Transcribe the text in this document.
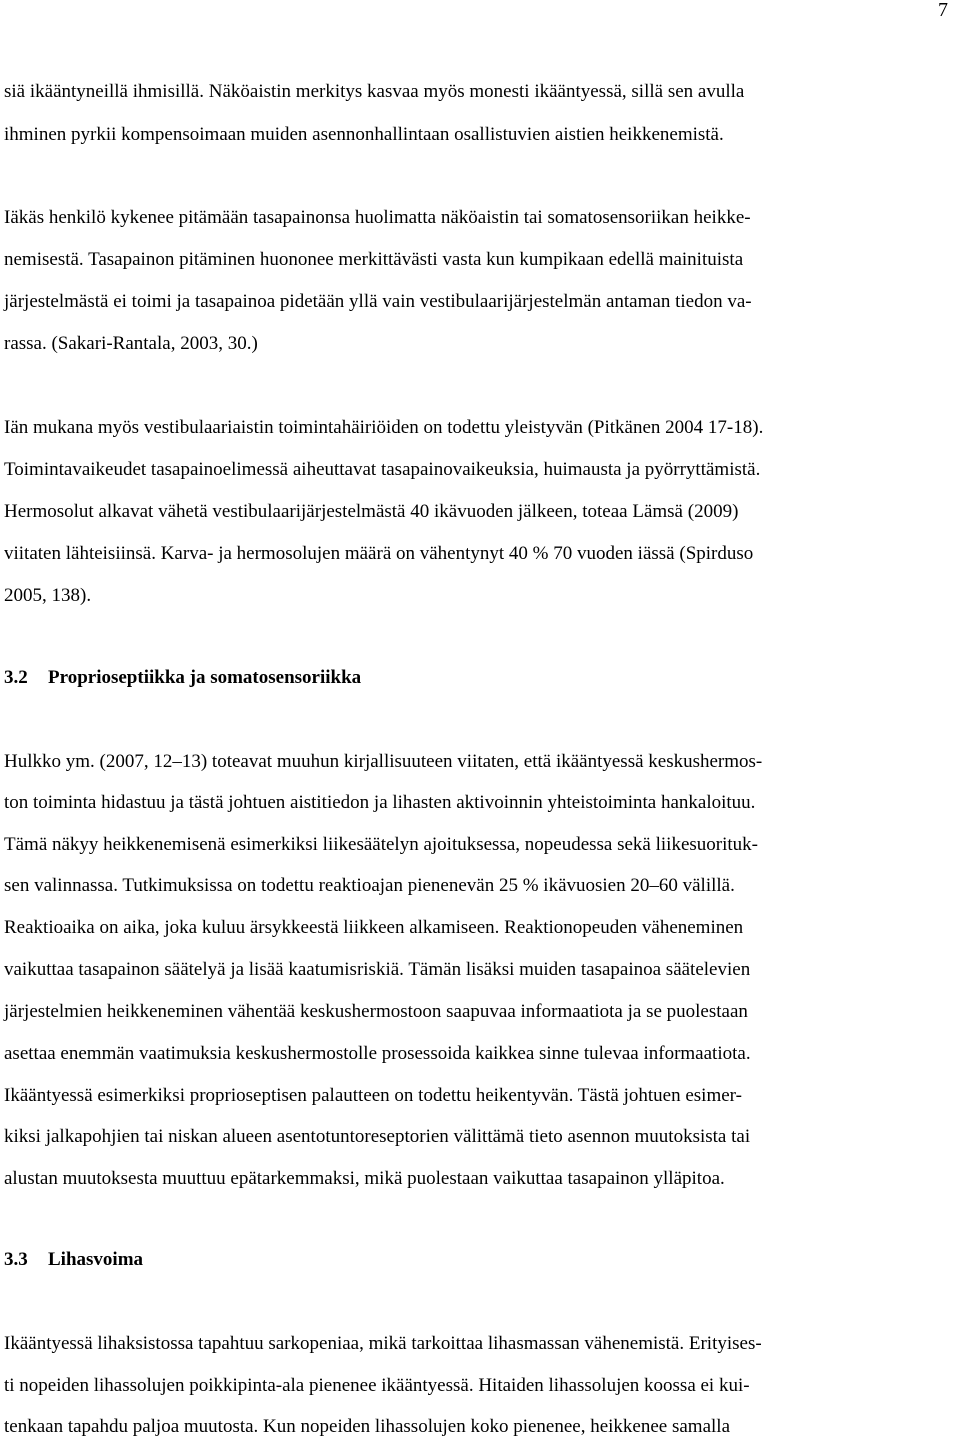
7
siä ikääntyneillä ihmisillä. Näköaistin merkitys kasvaa myös monesti ikääntyessä, sillä sen avulla
ihminen pyrkii kompensoimaan muiden asennonhallintaan osallistuvien aistien heikkenemistä.
Iäkäs henkilö kykenee pitämään tasapainonsa huolimatta näköaistin tai somatosensoriikan heikke-
nemisestä. Tasapainon pitäminen huononee merkittävästi vasta kun kumpikaan edellä mainituista
järjestelmästä ei toimi ja tasapainoa pidetään yllä vain vestibulaarijärjestelmän antaman tiedon va-
rassa. (Sakari-Rantala, 2003, 30.)
Iän mukana myös vestibulaariaistin toimintahäiriöiden on todettu yleistyvän (Pitkänen 2004 17-18).
Toimintavaikeudet tasapainoelimessä aiheuttavat tasapainovaikeuksia, huimausta ja pyörryttämistä.
Hermosolut alkavat vähetä vestibulaarijärjestelmästä 40 ikävuoden jälkeen, toteaa Lämsä (2009)
viitaten lähteisiinsä. Karva- ja hermosolujen määrä on vähentynyt 40 % 70 vuoden iässä (Spirduso
2005, 138).
3.2 Proprioseptiikka ja somatosensoriikka
Hulkko ym. (2007, 12–13) toteavat muuhun kirjallisuuteen viitaten, että ikääntyessä keskushermos-
ton toiminta hidastuu ja tästä johtuen aistitiedon ja lihasten aktivoinnin yhteistoiminta hankaloituu.
Tämä näkyy heikkenemisenä esimerkiksi liikesäätelyn ajoituksessa, nopeudessa sekä liikesuorituk-
sen valinnassa. Tutkimuksissa on todettu reaktioajan pienenevän 25 % ikävuosien 20–60 välillä.
Reaktioaika on aika, joka kuluu ärsykkeestä liikkeen alkamiseen. Reaktionopeuden väheneminen
vaikuttaa tasapainon säätelyä ja lisää kaatumisriskiä. Tämän lisäksi muiden tasapainoa säätelevien
järjestelmien heikkeneminen vähentää keskushermostoon saapuvaa informaatiota ja se puolestaan
asettaa enemmän vaatimuksia keskushermostolle prosessoida kaikkea sinne tulevaa informaatiota.
Ikääntyessä esimerkiksi proprioseptisen palautteen on todettu heikentyvän. Tästä johtuen esimer-
kiksi jalkapohjien tai niskan alueen asentotuntoreseptorien välittämä tieto asennon muutoksista tai
alustan muutoksesta muuttuu epätarkemmaksi, mikä puolestaan vaikuttaa tasapainon ylläpitoa.
3.3 Lihasvoima
Ikääntyessä lihaksistossa tapahtuu sarkopeniaa, mikä tarkoittaa lihasmassan vähenemistä. Erityises-
ti nopeiden lihassolujen poikkipinta-ala pienenee ikääntyessä. Hitaiden lihassolujen koossa ei kui-
tenkaan tapahdu paljoa muutosta. Kun nopeiden lihassolujen koko pienenee, heikkenee samalla
